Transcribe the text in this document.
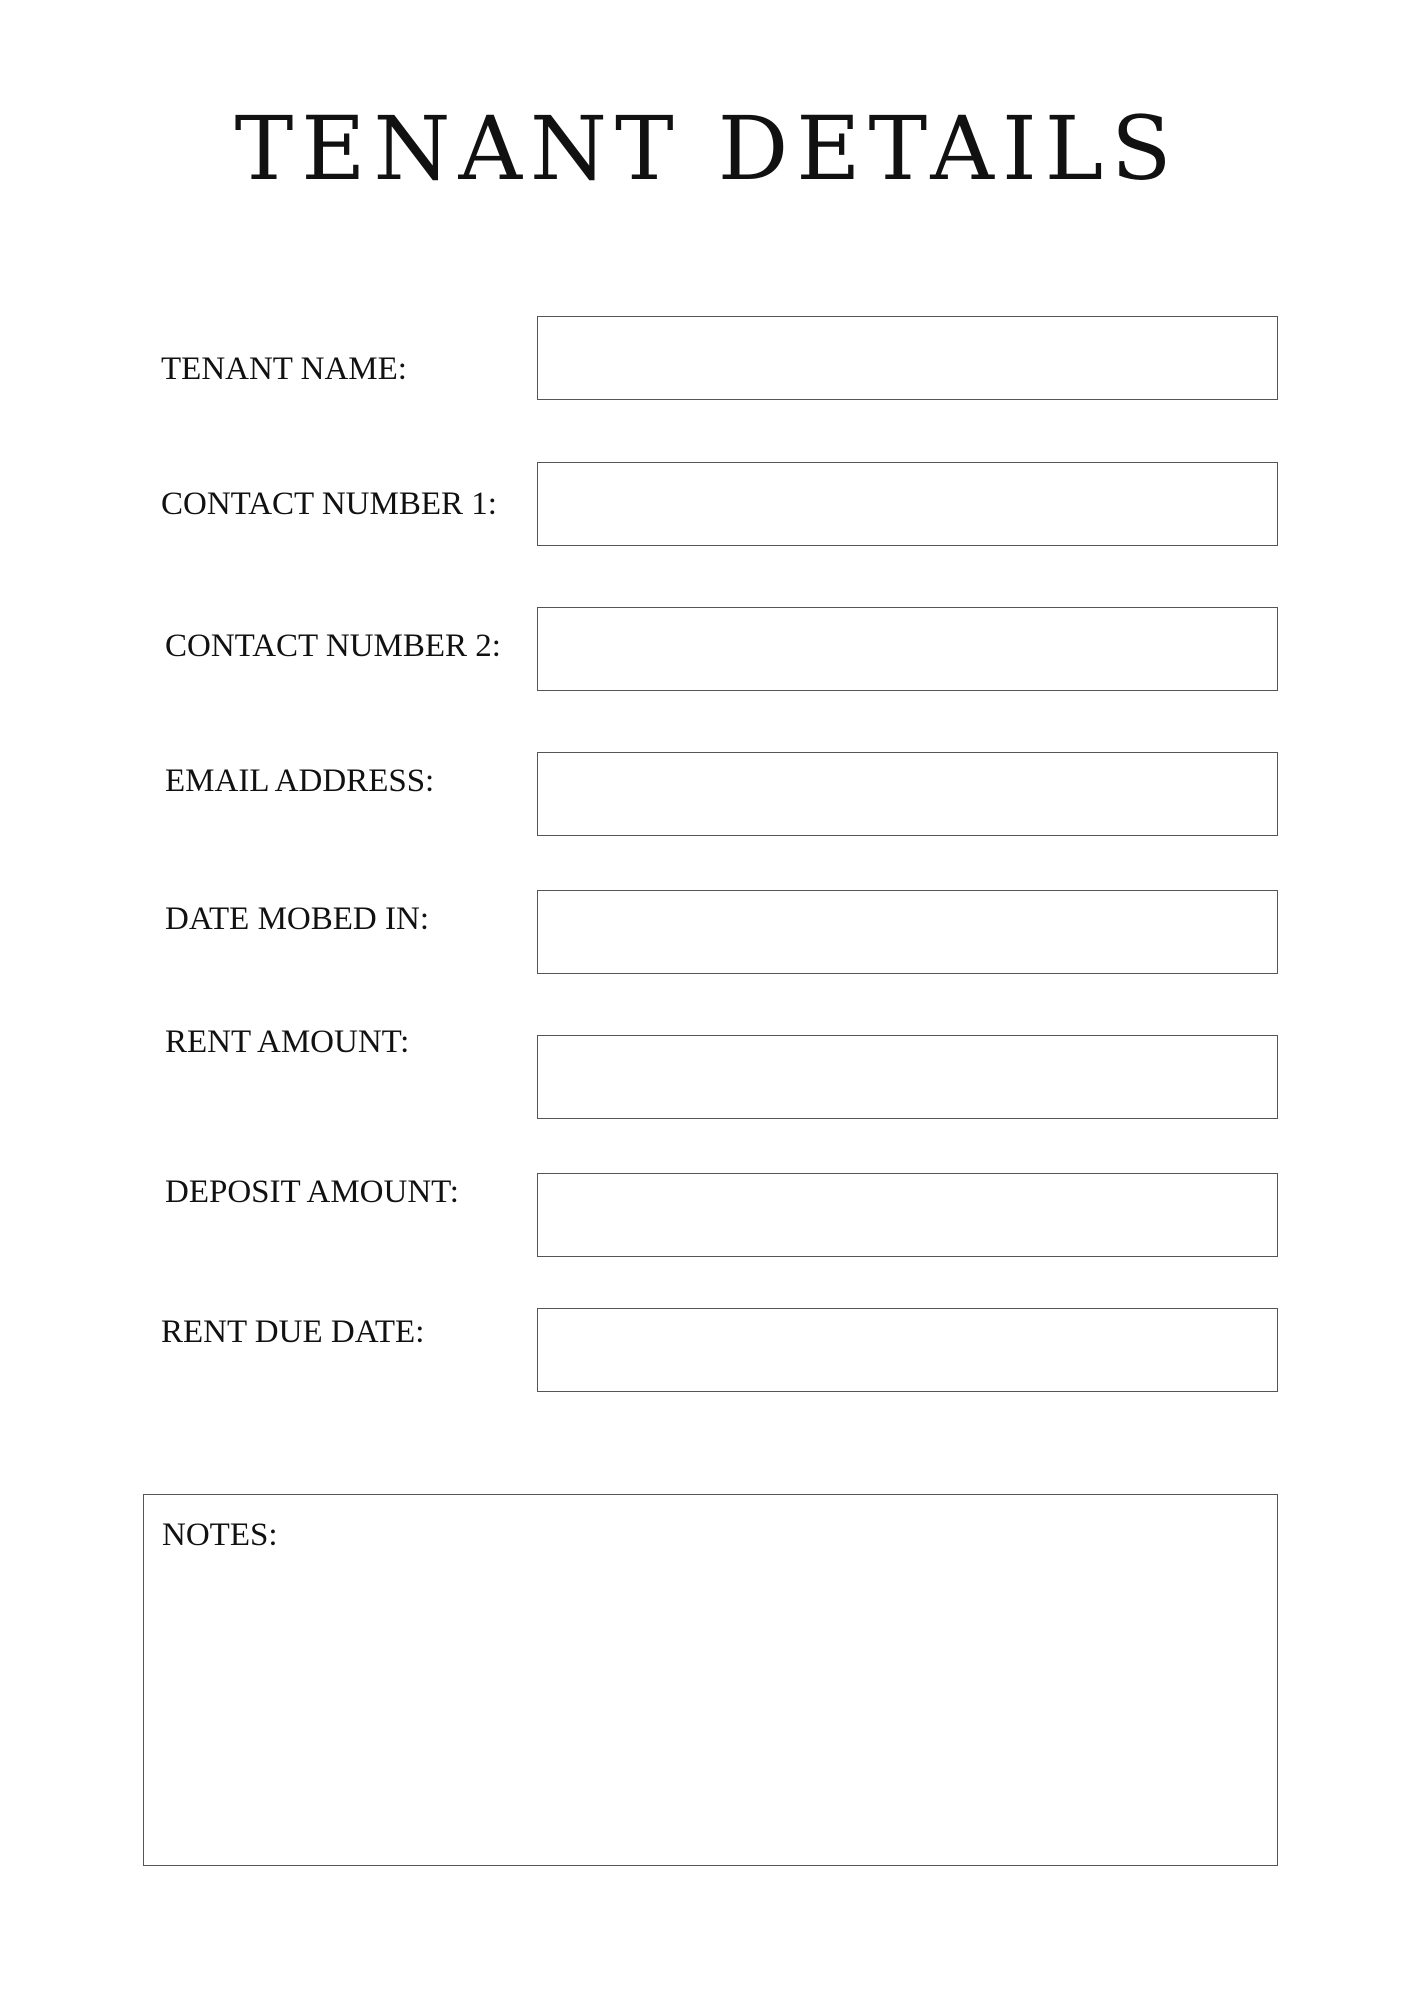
TENANT DETAILS
TENANT NAME:
CONTACT NUMBER 1:
CONTACT NUMBER 2:
EMAIL ADDRESS:
DATE MOBED IN:
RENT AMOUNT:
DEPOSIT AMOUNT:
RENT DUE DATE:
NOTES:
